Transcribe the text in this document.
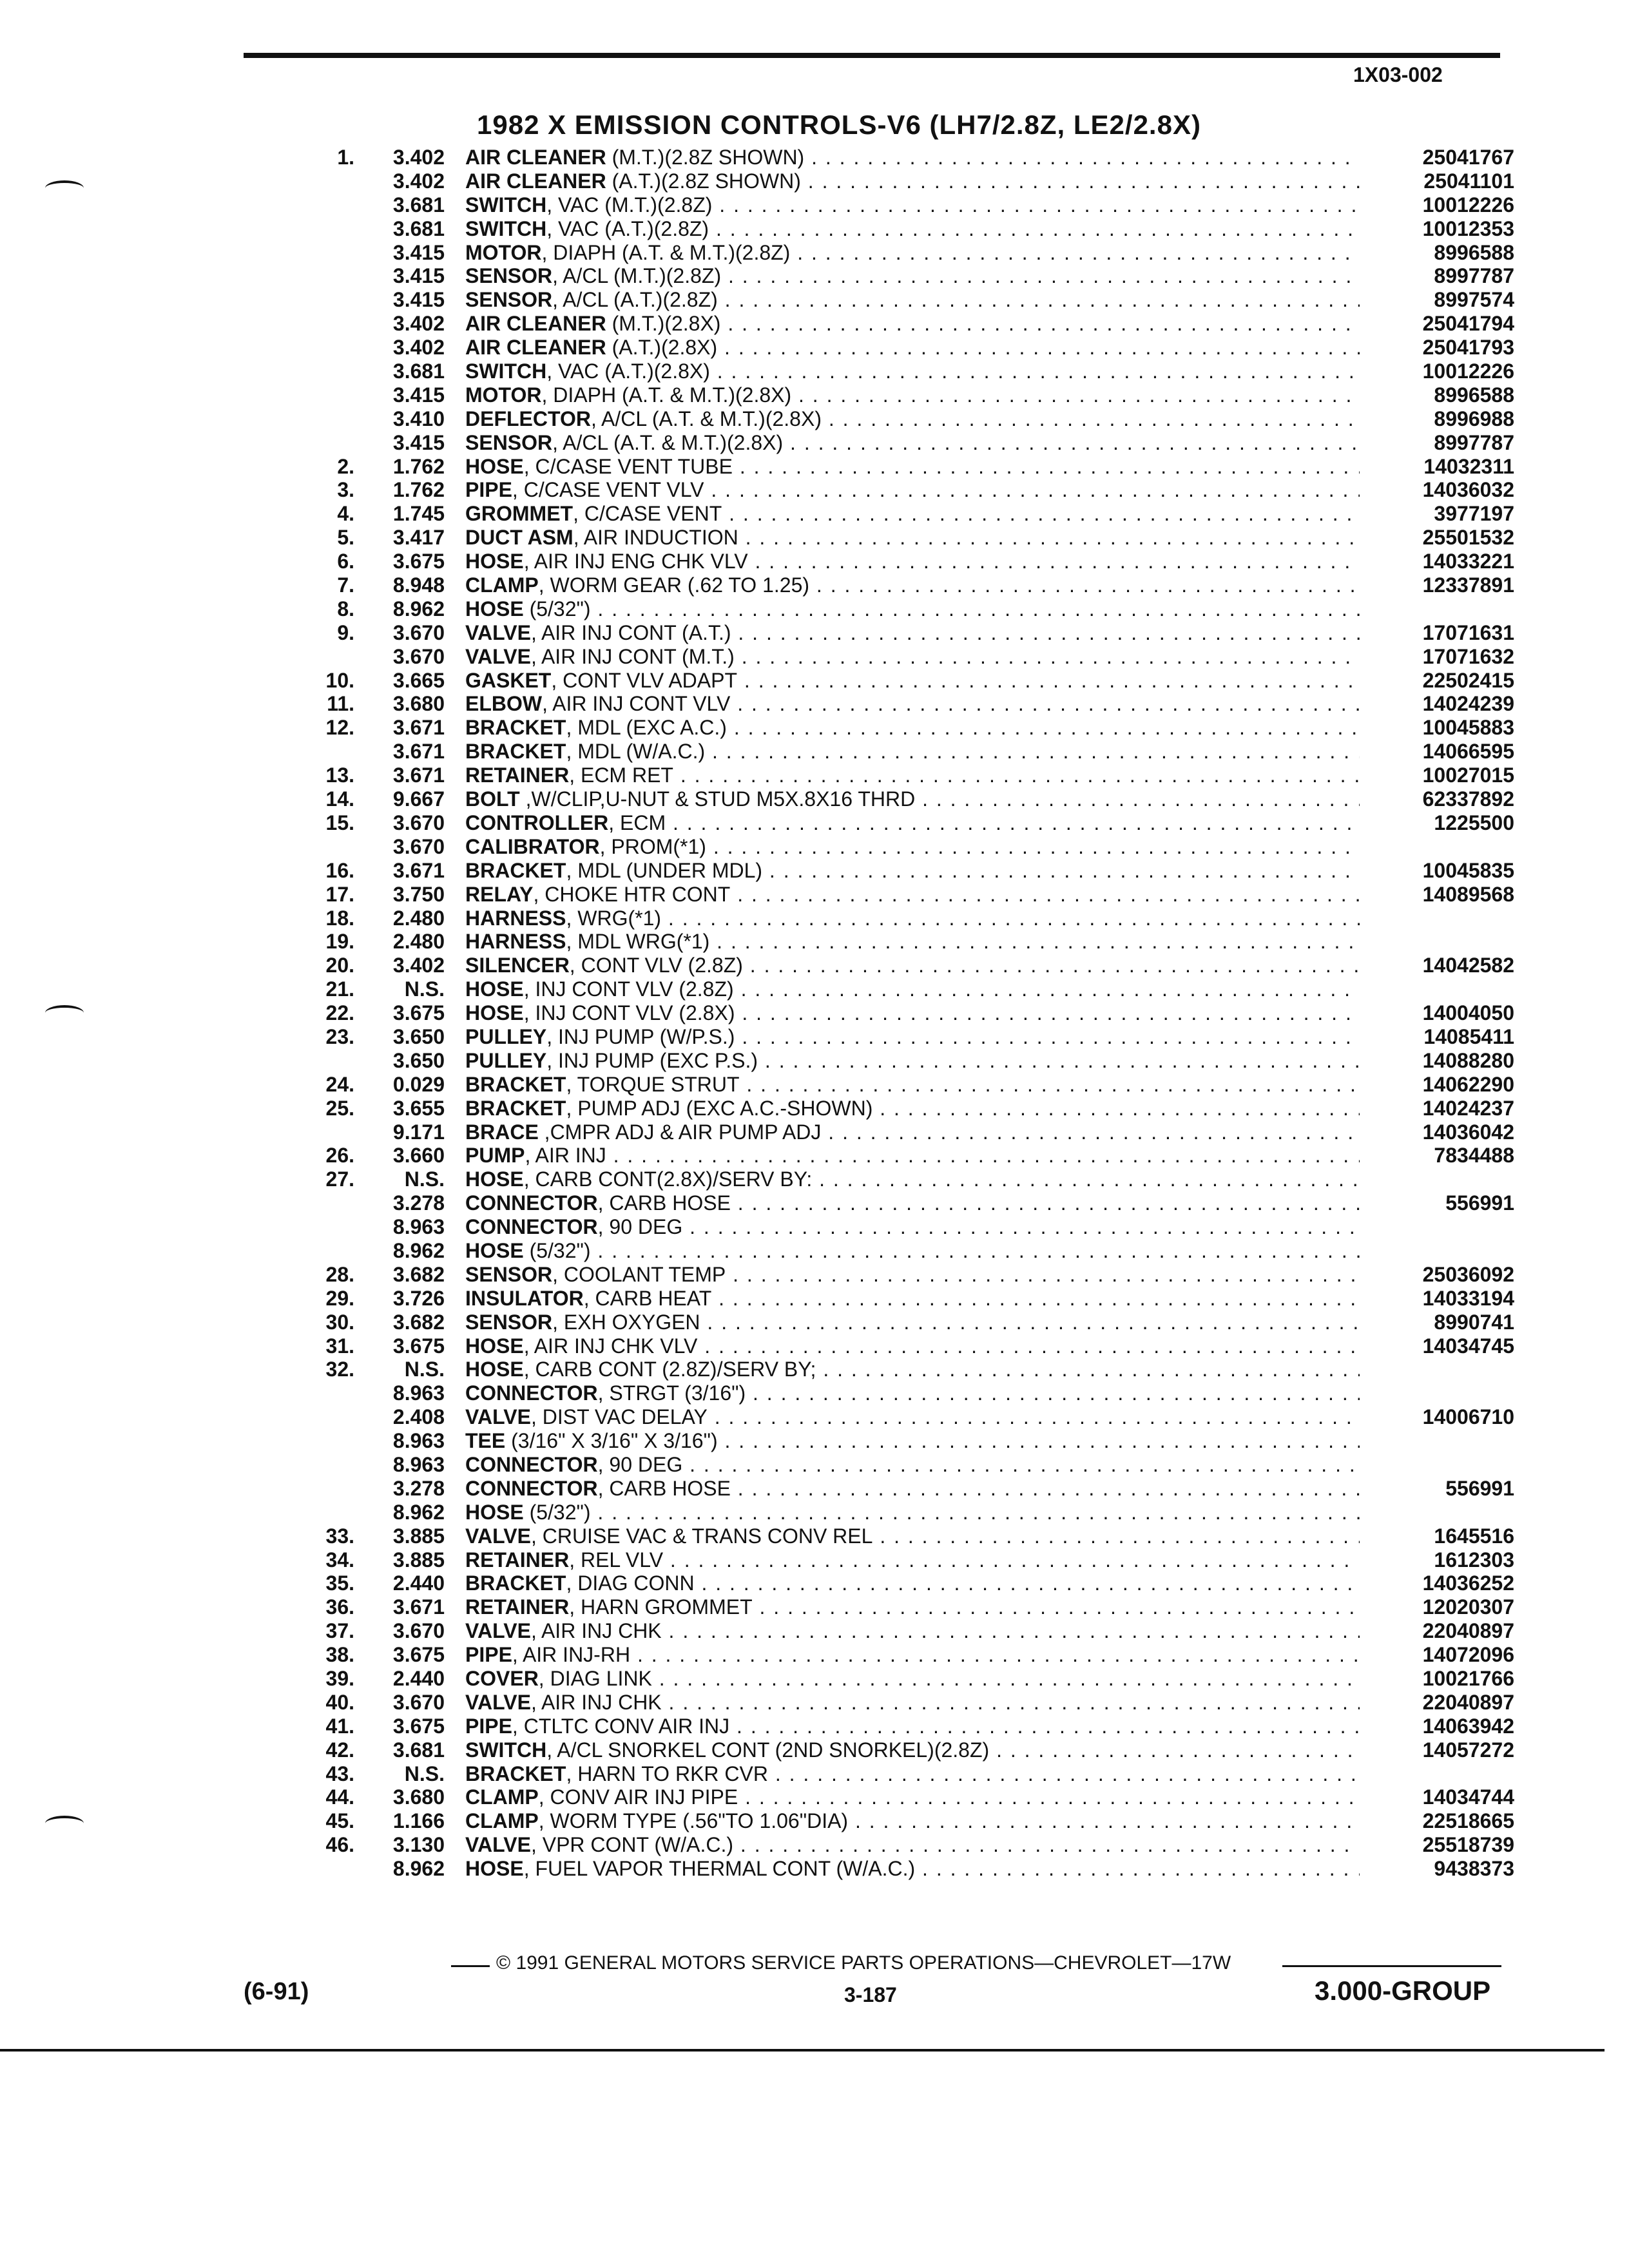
1X03-002
1982 X EMISSION CONTROLS-V6 (LH7/2.8Z, LE2/2.8X)
1.	3.402 AIR CLEANER (M.T.)(2.8Z SHOWN) . . .	25041767
3.402 AIR CLEANER (A.T.)(2.8Z SHOWN) . . .	25041101
3.681 SWITCH, VAC (M.T.)(2.8Z) . . .	10012226
3.681 SWITCH, VAC (A.T.)(2.8Z) . . .	10012353
3.415 MOTOR, DIAPH (A.T. & M.T.)(2.8Z) . . .	8996588
3.415 SENSOR, A/CL (M.T.)(2.8Z) . . .	8997787
3.415 SENSOR, A/CL (A.T.)(2.8Z) . . .	8997574
3.402 AIR CLEANER (M.T.)(2.8X) . . .	25041794
3.402 AIR CLEANER (A.T.)(2.8X) . . .	25041793
3.681 SWITCH, VAC (A.T.)(2.8X) . . .	10012226
3.415 MOTOR, DIAPH (A.T. & M.T.)(2.8X) . . .	8996588
3.410 DEFLECTOR, A/CL (A.T. & M.T.)(2.8X) . . .	8996988
3.415 SENSOR, A/CL (A.T. & M.T.)(2.8X) . . .	8997787
2.	1.762 HOSE, C/CASE VENT TUBE . . .	14032311
3.	1.762 PIPE, C/CASE VENT VLV . . .	14036032
4.	1.745 GROMMET, C/CASE VENT . . .	3977197
5.	3.417 DUCT ASM, AIR INDUCTION . . .	25501532
6.	3.675 HOSE, AIR INJ ENG CHK VLV . . .	14033221
7.	8.948 CLAMP, WORM GEAR (.62 TO 1.25) . . .	12337891
8.	8.962 HOSE (5/32") . . .
9.	3.670 VALVE, AIR INJ CONT (A.T.) . . .	17071631
3.670 VALVE, AIR INJ CONT (M.T.) . . .	17071632
10.	3.665 GASKET, CONT VLV ADAPT . . .	22502415
11.	3.680 ELBOW, AIR INJ CONT VLV . . .	14024239
12.	3.671 BRACKET, MDL (EXC A.C.) . . .	10045883
3.671 BRACKET, MDL (W/A.C.) . . .	14066595
13.	3.671 RETAINER, ECM RET . . .	10027015
14.	9.667 BOLT ,W/CLIP,U-NUT & STUD M5X.8X16 THRD . . .	62337892
15.	3.670 CONTROLLER, ECM . . .	1225500
3.670 CALIBRATOR, PROM(*1) . . .
16.	3.671 BRACKET, MDL (UNDER MDL) . . .	10045835
17.	3.750 RELAY, CHOKE HTR CONT . . .	14089568
18.	2.480 HARNESS, WRG(*1) . . .
19.	2.480 HARNESS, MDL WRG(*1) . . .
20.	3.402 SILENCER, CONT VLV (2.8Z) . . .	14042582
21.	N.S. HOSE, INJ CONT VLV (2.8Z) . . .
22.	3.675 HOSE, INJ CONT VLV (2.8X) . . .	14004050
23.	3.650 PULLEY, INJ PUMP (W/P.S.) . . .	14085411
3.650 PULLEY, INJ PUMP (EXC P.S.) . . .	14088280
24.	0.029 BRACKET, TORQUE STRUT . . .	14062290
25.	3.655 BRACKET, PUMP ADJ (EXC A.C.-SHOWN) . . .	14024237
9.171 BRACE ,CMPR ADJ & AIR PUMP ADJ . . .	14036042
26.	3.660 PUMP, AIR INJ . . .	7834488
27.	N.S. HOSE, CARB CONT(2.8X)/SERV BY: . . .
3.278 CONNECTOR, CARB HOSE . . .	556991
8.963 CONNECTOR, 90 DEG . . .
8.962 HOSE (5/32") . . .
28.	3.682 SENSOR, COOLANT TEMP . . .	25036092
29.	3.726 INSULATOR, CARB HEAT . . .	14033194
30.	3.682 SENSOR, EXH OXYGEN . . .	8990741
31.	3.675 HOSE, AIR INJ CHK VLV . . .	14034745
32.	N.S. HOSE, CARB CONT (2.8Z)/SERV BY; . . .
8.963 CONNECTOR, STRGT (3/16") . . .
2.408 VALVE, DIST VAC DELAY . . .	14006710
8.963 TEE (3/16" X 3/16" X 3/16") . . .
8.963 CONNECTOR, 90 DEG . . .
3.278 CONNECTOR, CARB HOSE . . .	556991
8.962 HOSE (5/32") . . .
33.	3.885 VALVE, CRUISE VAC & TRANS CONV REL . . .	1645516
34.	3.885 RETAINER, REL VLV . . .	1612303
35.	2.440 BRACKET, DIAG CONN . . .	14036252
36.	3.671 RETAINER, HARN GROMMET . . .	12020307
37.	3.670 VALVE, AIR INJ CHK . . .	22040897
38.	3.675 PIPE, AIR INJ-RH . . .	14072096
39.	2.440 COVER, DIAG LINK . . .	10021766
40.	3.670 VALVE, AIR INJ CHK . . .	22040897
41.	3.675 PIPE, CTLTC CONV AIR INJ . . .	14063942
42.	3.681 SWITCH, A/CL SNORKEL CONT (2ND SNORKEL)(2.8Z) . . .	14057272
43.	N.S. BRACKET, HARN TO RKR CVR . . .
44.	3.680 CLAMP, CONV AIR INJ PIPE . . .	14034744
45.	1.166 CLAMP, WORM TYPE (.56"TO 1.06"DIA) . . .	22518665
46.	3.130 VALVE, VPR CONT (W/A.C.) . . .	25518739
8.962 HOSE, FUEL VAPOR THERMAL CONT (W/A.C.) . . .	9438373
© 1991 GENERAL MOTORS SERVICE PARTS OPERATIONS—CHEVROLET—17W
(6-91)	3-187	3.000-GROUP
